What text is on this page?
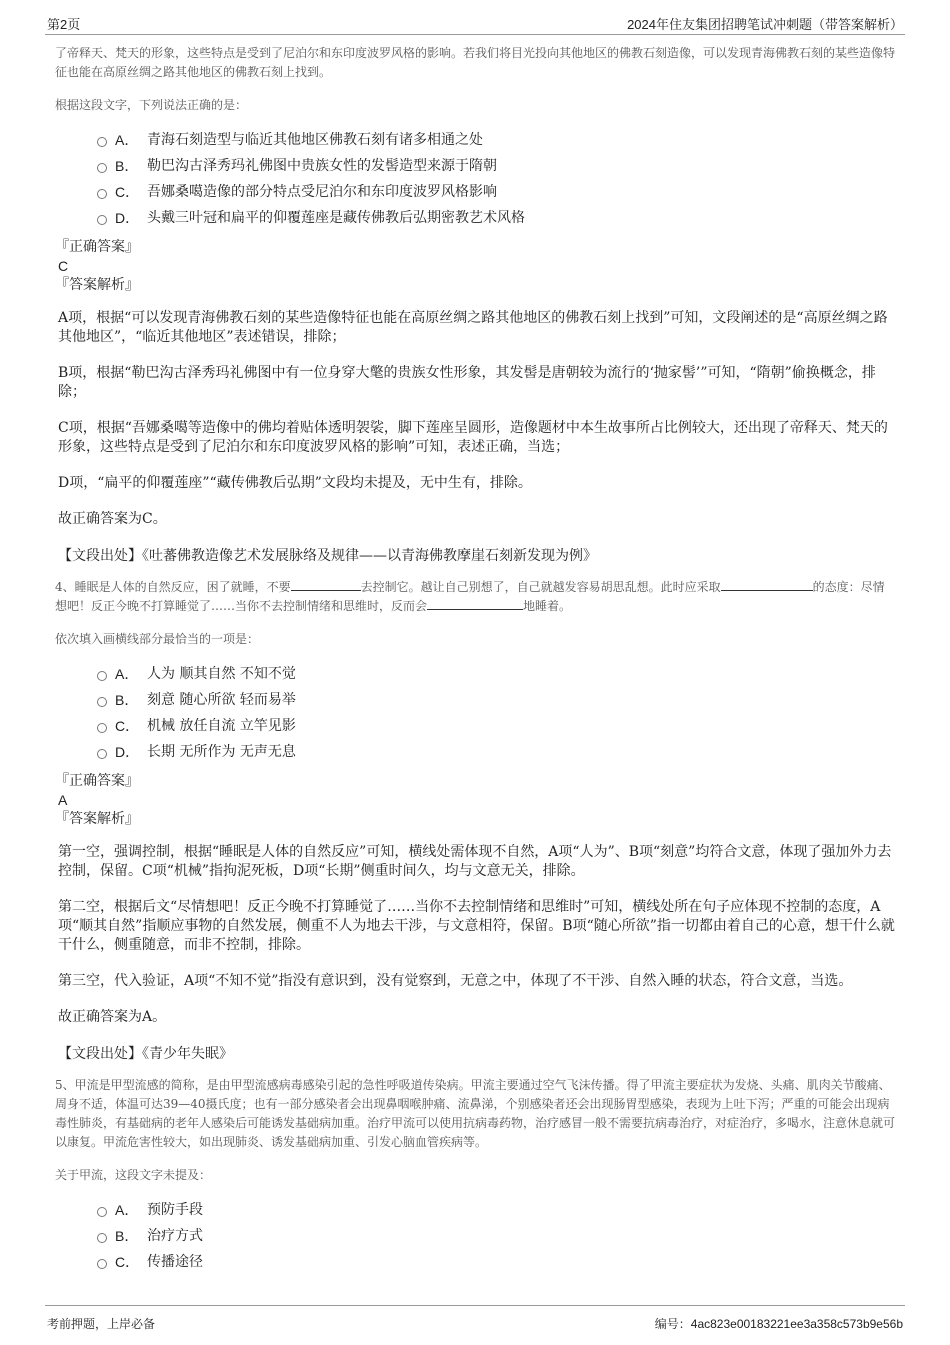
第2页	2024年住友集团招聘笔试冲刺题（带答案解析）

了帝释天、梵天的形象，这些特点是受到了尼泊尔和东印度波罗风格的影响。若我们将目光投向其他地区的佛教石刻造像，可以发现青海佛教石刻的某些造像特征也能在高原丝绸之路其他地区的佛教石刻上找到。

根据这段文字，下列说法正确的是：

A． 青海石刻造型与临近其他地区佛教石刻有诸多相通之处
B． 勒巴沟古泽秀玛礼佛图中贵族女性的发髻造型来源于隋朝
C． 吾娜桑噶造像的部分特点受尼泊尔和东印度波罗风格影响
D． 头戴三叶冠和扁平的仰覆莲座是藏传佛教后弘期密教艺术风格

『正确答案』

C

『答案解析』

A项，根据“可以发现青海佛教石刻的某些造像特征也能在高原丝绸之路其他地区的佛教石刻上找到”可知，文段阐述的是“高原丝绸之路其他地区”，“临近其他地区”表述错误，排除；

B项，根据“勒巴沟古泽秀玛礼佛图中有一位身穿大氅的贵族女性形象，其发髻是唐朝较为流行的‘抛家髻’”可知，“隋朝”偷换概念，排除；

C项，根据“吾娜桑噶等造像中的佛均着贴体透明袈裟，脚下莲座呈圆形，造像题材中本生故事所占比例较大，还出现了帝释天、梵天的形象，这些特点是受到了尼泊尔和东印度波罗风格的影响”可知，表述正确，当选；

D项，“扁平的仰覆莲座”“藏传佛教后弘期”文段均未提及，无中生有，排除。

故正确答案为C。

【文段出处】《吐蕃佛教造像艺术发展脉络及规律——以青海佛教摩崖石刻新发现为例》

4、睡眠是人体的自然反应，困了就睡，不要	去控制它。越让自己别想了，自己就越发容易胡思乱想。此时应采取	的态度：尽情想吧！反正今晚不打算睡觉了……当你不去控制情绪和思维时，反而会	地睡着。

依次填入画横线部分最恰当的一项是：

A． 人为 顺其自然 不知不觉
B． 刻意 随心所欲 轻而易举
C． 机械 放任自流 立竿见影
D． 长期 无所作为 无声无息

『正确答案』

A

『答案解析』

第一空，强调控制，根据“睡眠是人体的自然反应”可知，横线处需体现不自然，A项“人为”、B项“刻意”均符合文意，体现了强加外力去控制，保留。C项“机械”指拘泥死板，D项“长期”侧重时间久，均与文意无关，排除。

第二空，根据后文“尽情想吧！反正今晚不打算睡觉了……当你不去控制情绪和思维时”可知，横线处所在句子应体现不控制的态度，A项“顺其自然”指顺应事物的自然发展，侧重不人为地去干涉，与文意相符，保留。B项“随心所欲”指一切都由着自己的心意，想干什么就干什么，侧重随意，而非不控制，排除。

第三空，代入验证，A项“不知不觉”指没有意识到，没有觉察到，无意之中，体现了不干涉、自然入睡的状态，符合文意，当选。

故正确答案为A。

【文段出处】《青少年失眠》

5、甲流是甲型流感的简称，是由甲型流感病毒感染引起的急性呼吸道传染病。甲流主要通过空气飞沫传播。得了甲流主要症状为发烧、头痛、肌肉关节酸痛、周身不适，体温可达39—40摄氏度；也有一部分感染者会出现鼻咽喉肿痛、流鼻涕，个别感染者还会出现肠胃型感染，表现为上吐下泻；严重的可能会出现病毒性肺炎，有基础病的老年人感染后可能诱发基础病加重。治疗甲流可以使用抗病毒药物，治疗感冒一般不需要抗病毒治疗，对症治疗，多喝水，注意休息就可以康复。甲流危害性较大，如出现肺炎、诱发基础病加重、引发心脑血管疾病等。

关于甲流，这段文字未提及：

A． 预防手段
B． 治疗方式
C． 传播途径
考前押题，上岸必备	编号：4ac823e00183221ee3a358c573b9e56b
